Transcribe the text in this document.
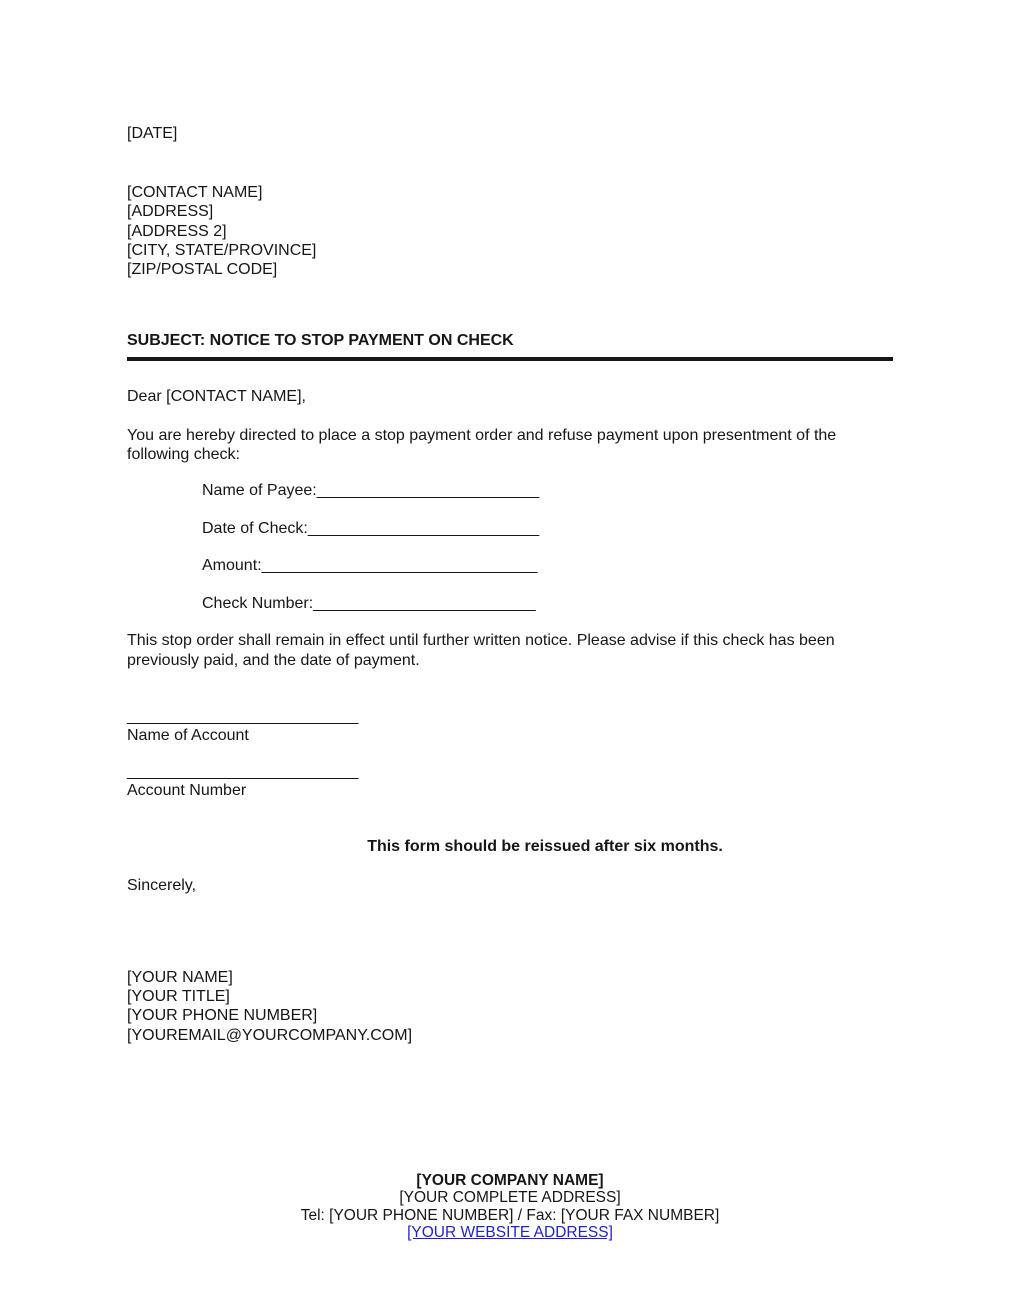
[DATE]
[CONTACT NAME]
[ADDRESS]
[ADDRESS 2]
[CITY, STATE/PROVINCE]
[ZIP/POSTAL CODE]
SUBJECT: NOTICE TO STOP PAYMENT ON CHECK
Dear [CONTACT NAME],
You are hereby directed to place a stop payment order and refuse payment upon presentment of the following check:
Name of Payee:_________________________
Date of Check:__________________________
Amount:_______________________________
Check Number:_________________________
This stop order shall remain in effect until further written notice. Please advise if this check has been previously paid, and the date of payment.
__________________________
Name of Account
__________________________
Account Number
This form should be reissued after six months.
Sincerely,
[YOUR NAME]
[YOUR TITLE]
[YOUR PHONE NUMBER]
[YOUREMAIL@YOURCOMPANY.COM]
[YOUR COMPANY NAME]
[YOUR COMPLETE ADDRESS]
Tel: [YOUR PHONE NUMBER] / Fax: [YOUR FAX NUMBER]
[YOUR WEBSITE ADDRESS]
